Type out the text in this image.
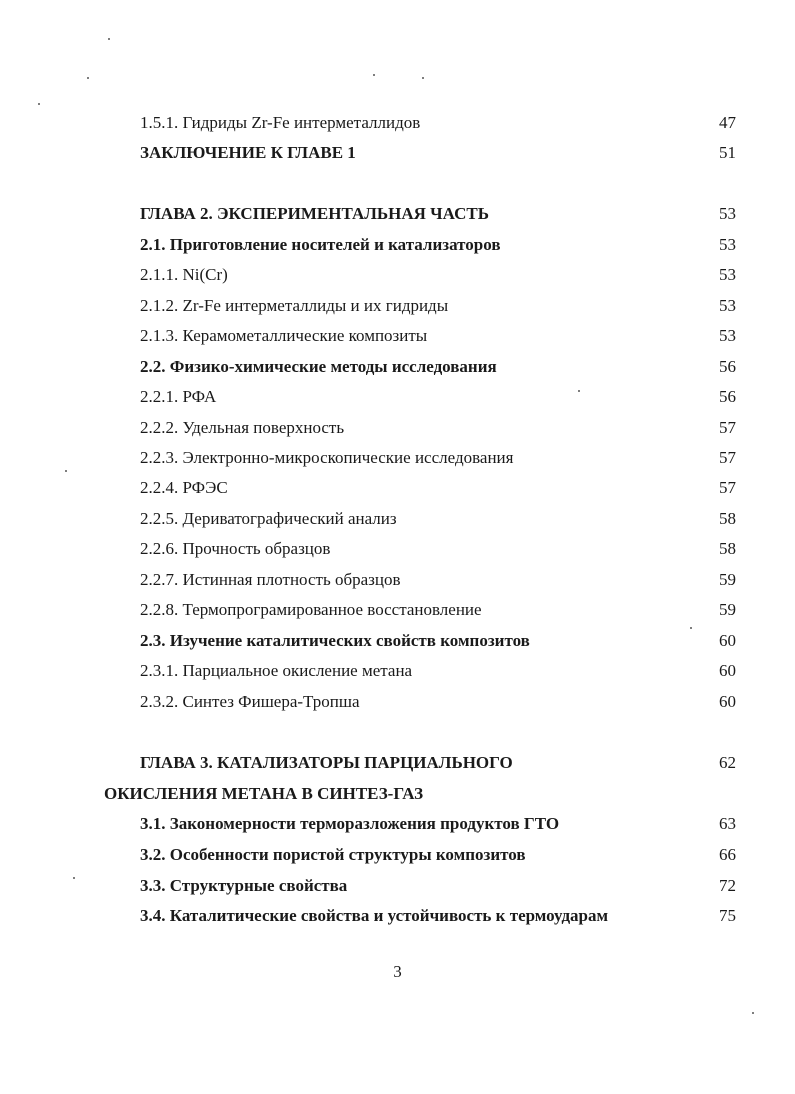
1.5.1. Гидриды Zr-Fe интерметаллидов	47
ЗАКЛЮЧЕНИЕ К ГЛАВЕ 1	51
ГЛАВА 2. ЭКСПЕРИМЕНТАЛЬНАЯ ЧАСТЬ	53
2.1. Приготовление носителей и катализаторов	53
2.1.1. Ni(Cr)	53
2.1.2. Zr-Fe интерметаллиды и их гидриды	53
2.1.3. Керамометаллические композиты	53
2.2. Физико-химические методы исследования	56
2.2.1. РФА	56
2.2.2. Удельная поверхность	57
2.2.3. Электронно-микроскопические исследования	57
2.2.4. РФЭС	57
2.2.5. Дериватографический анализ	58
2.2.6. Прочность образцов	58
2.2.7. Истинная плотность образцов	59
2.2.8. Термопрограмированное восстановление	59
2.3. Изучение каталитических свойств композитов	60
2.3.1. Парциальное окисление метана	60
2.3.2. Синтез Фишера-Тропша	60
ГЛАВА 3. КАТАЛИЗАТОРЫ ПАРЦИАЛЬНОГО	62
ОКИСЛЕНИЯ МЕТАНА В СИНТЕЗ-ГАЗ
3.1. Закономерности терморазложения продуктов ГТО	63
3.2. Особенности пористой структуры композитов	66
3.3. Структурные свойства	72
3.4. Каталитические свойства и устойчивость к термоударам	75
3
